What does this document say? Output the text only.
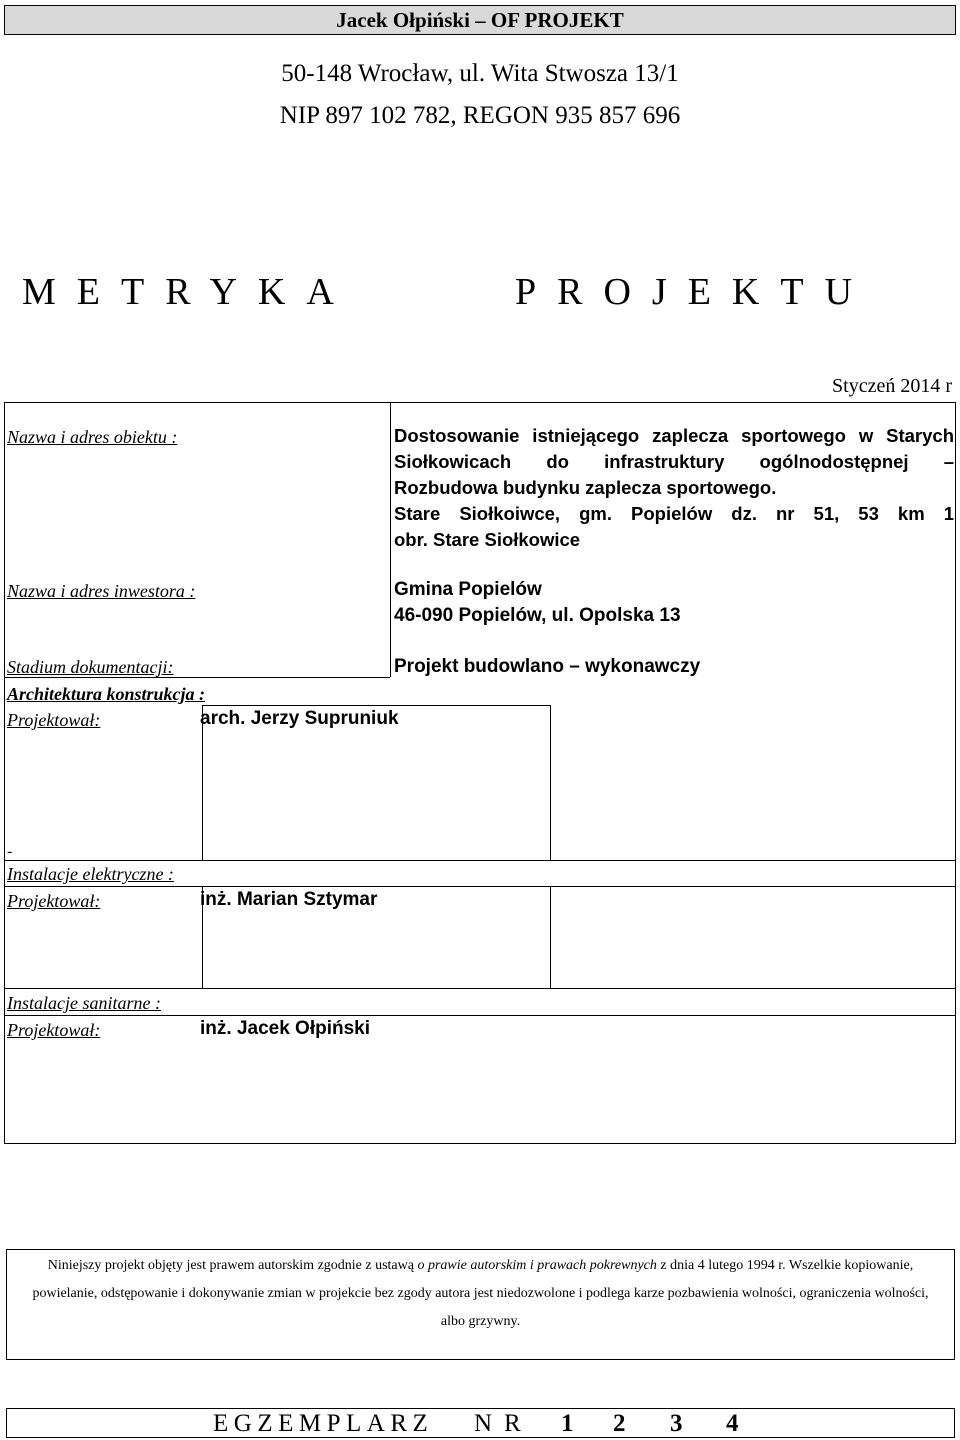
Jacek Ołpiński – OF PROJEKT
50-148 Wrocław, ul. Wita Stwosza 13/1
NIP 897 102 782, REGON 935 857 696
METRYKA	PROJEKTU
Styczeń 2014 r
Nazwa i adres obiektu :	Dostosowanie istniejącego zaplecza sportowego w Starych
Siołkowicach do infrastruktury ogólnodostępnej –
Rozbudowa budynku zaplecza sportowego.
Stare Siołkoiwce, gm. Popielów dz. nr 51, 53 km 1
obr. Stare Siołkowice
Nazwa i adres inwestora :	Gmina Popielów
46-090 Popielów, ul. Opolska 13
Stadium dokumentacji:	Projekt budowlano – wykonawczy
Architektura konstrukcja :
Projektował:	arch. Jerzy Supruniuk
-
Instalacje elektryczne :
Projektował:	inż. Marian Sztymar
Instalacje sanitarne :
Projektował:	inż. Jacek Ołpiński
Niniejszy projekt objęty jest prawem autorskim zgodnie z ustawą o prawie autorskim i prawach pokrewnych z dnia 4 lutego 1994 r. Wszelkie kopiowanie, powielanie, odstępowanie i dokonywanie zmian w projekcie bez zgody autora jest niedozwolone i podlega karze pozbawienia wolności, ograniczenia wolności, albo grzywny.
EGZEMPLARZ NR 1 2 3 4
